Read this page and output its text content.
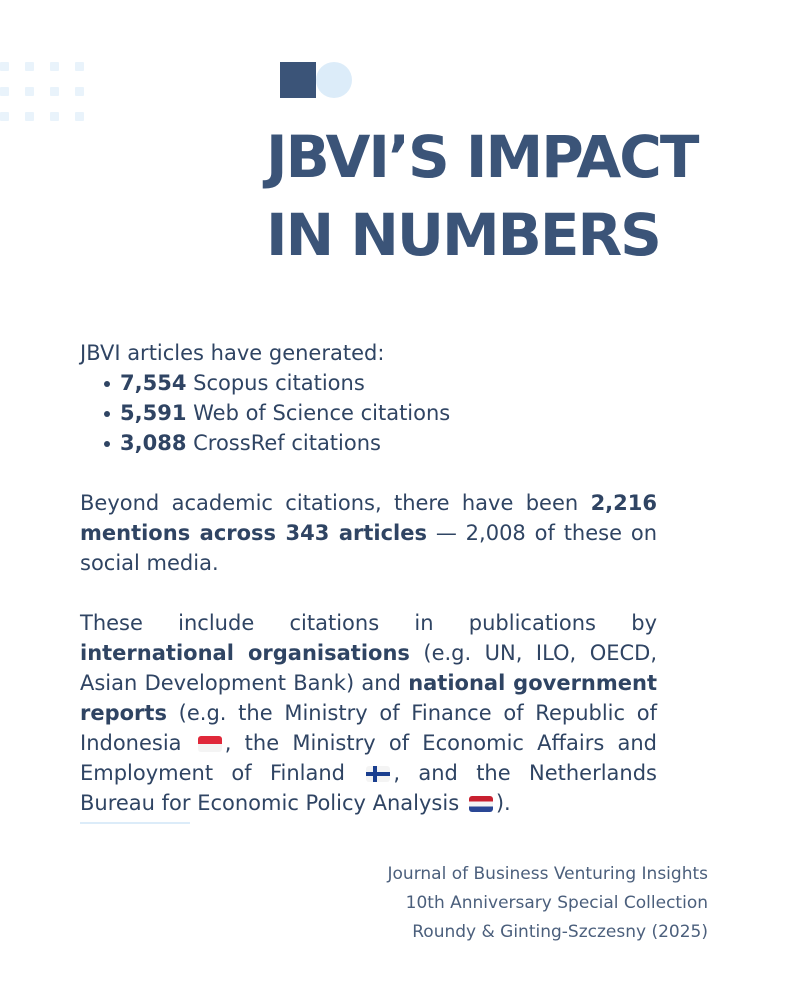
JBVI’S IMPACT
IN NUMBERS

JBVI articles have generated:

7,554 Scopus citations
5,591 Web of Science citations
3,088 CrossRef citations

Beyond academic citations, there have been 2,216 mentions across 343 articles — 2,008 of these on social media.

These include citations in publications by international organisations (e.g. UN, ILO, OECD, Asian Development Bank) and national government reports (e.g. the Ministry of Finance of Republic of Indonesia , the Ministry of Economic Affairs and Employment of Finland , and the Netherlands Bureau for Economic Policy Analysis ).

Journal of Business Venturing Insights
10th Anniversary Special Collection
Roundy & Ginting-Szczesny (2025)
